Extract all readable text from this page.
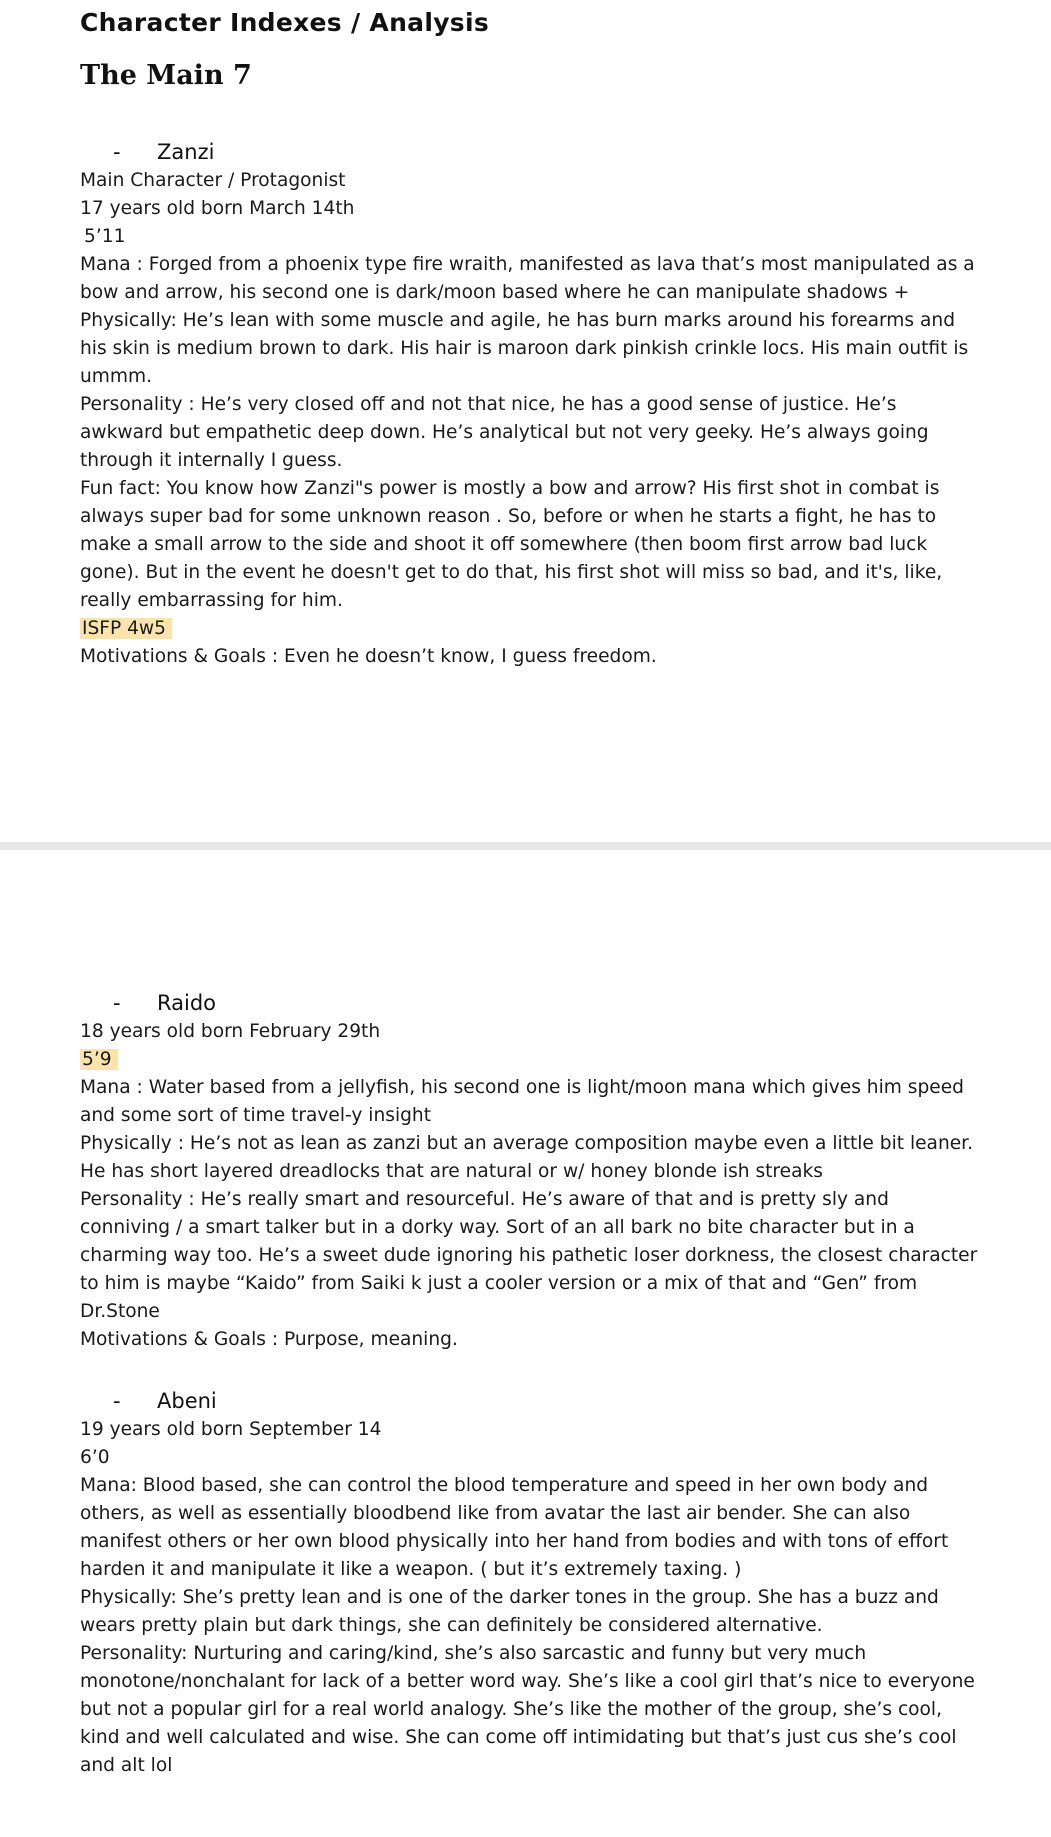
Character Indexes / Analysis
The Main 7
- Zanzi

Main Character / Protagonist

17 years old born March 14th

5’11

Mana : Forged from a phoenix type fire wraith, manifested as lava that’s most manipulated as a bow and arrow, his second one is dark/moon based where he can manipulate shadows +

Physically: He’s lean with some muscle and agile, he has burn marks around his forearms and his skin is medium brown to dark. His hair is maroon dark pinkish crinkle locs. His main outfit is ummm.

Personality : He’s very closed off and not that nice, he has a good sense of justice. He’s awkward but empathetic deep down. He’s analytical but not very geeky. He’s always going through it internally I guess.

Fun fact: You know how Zanzi"s power is mostly a bow and arrow? His first shot in combat is always super bad for some unknown reason . So, before or when he starts a fight, he has to make a small arrow to the side and shoot it off somewhere (then boom first arrow bad luck gone). But in the event he doesn't get to do that, his first shot will miss so bad, and it's, like, really embarrassing for him.

ISFP 4w5

Motivations & Goals : Even he doesn’t know, I guess freedom.

- Raido

18 years old born February 29th

5’9

Mana : Water based from a jellyfish, his second one is light/moon mana which gives him speed and some sort of time travel-y insight

Physically : He’s not as lean as zanzi but an average composition maybe even a little bit leaner. He has short layered dreadlocks that are natural or w/ honey blonde ish streaks

Personality : He’s really smart and resourceful. He’s aware of that and is pretty sly and conniving / a smart talker but in a dorky way. Sort of an all bark no bite character but in a charming way too. He’s a sweet dude ignoring his pathetic loser dorkness, the closest character to him is maybe “Kaido” from Saiki k just a cooler version or a mix of that and “Gen” from Dr.Stone

Motivations & Goals : Purpose, meaning.

- Abeni

19 years old born September 14

6’0

Mana: Blood based, she can control the blood temperature and speed in her own body and others, as well as essentially bloodbend like from avatar the last air bender. She can also manifest others or her own blood physically into her hand from bodies and with tons of effort harden it and manipulate it like a weapon. ( but it’s extremely taxing. )

Physically: She’s pretty lean and is one of the darker tones in the group. She has a buzz and wears pretty plain but dark things, she can definitely be considered alternative.

Personality: Nurturing and caring/kind, she’s also sarcastic and funny but very much monotone/nonchalant for lack of a better word way. She’s like a cool girl that’s nice to everyone but not a popular girl for a real world analogy. She’s like the mother of the group, she’s cool, kind and well calculated and wise. She can come off intimidating but that’s just cus she’s cool and alt lol
